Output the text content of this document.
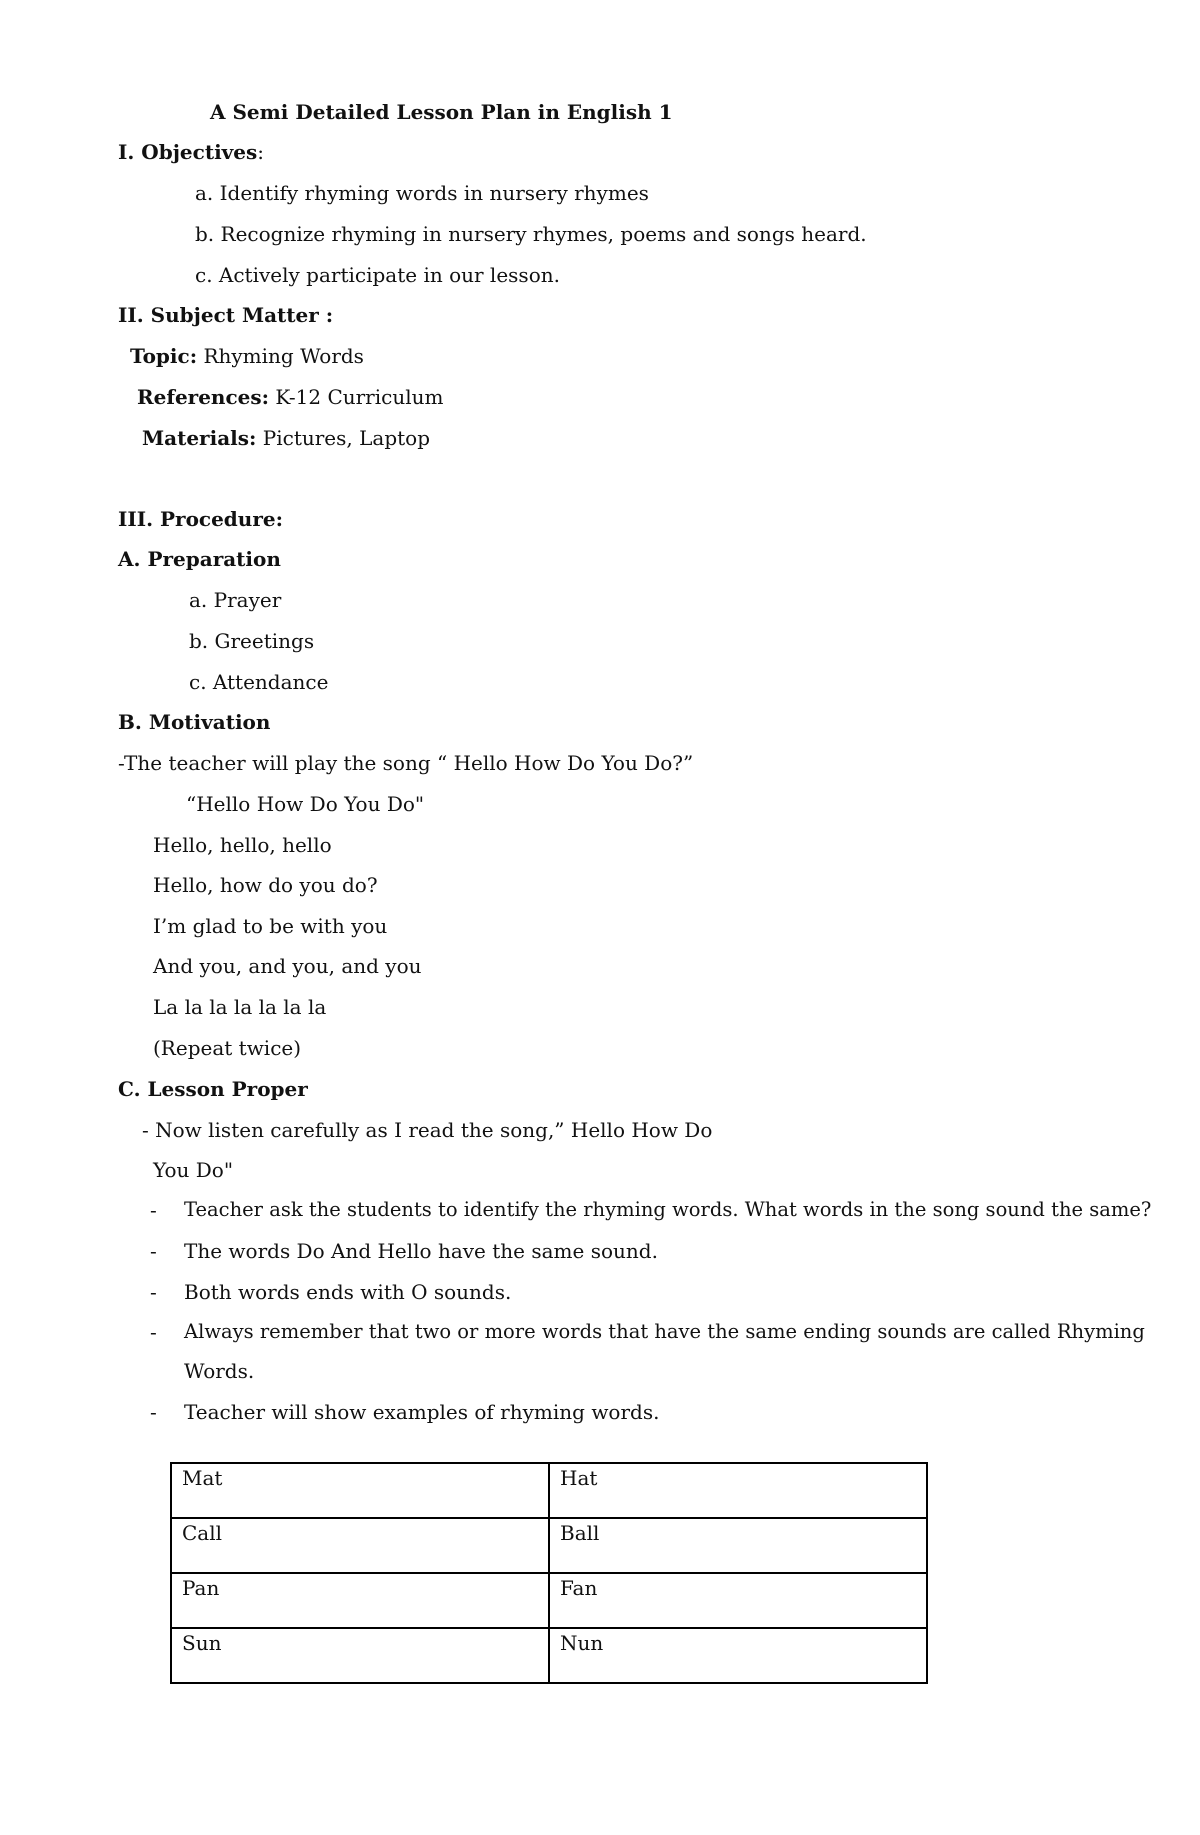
A Semi Detailed Lesson Plan in English 1
I. Objectives:
a. Identify rhyming words in nursery rhymes
b. Recognize rhyming in nursery rhymes, poems and songs heard.
c. Actively participate in our lesson.
II. Subject Matter :
Topic: Rhyming Words
References: K-12 Curriculum
Materials: Pictures, Laptop
III. Procedure:
A. Preparation
a. Prayer
b. Greetings
c. Attendance
B. Motivation
-The teacher will play the song “ Hello How Do You Do?”
“Hello How Do You Do"
Hello, hello, hello
Hello, how do you do?
I’m glad to be with you
And you, and you, and you
La la la la la la la
(Repeat twice)
C. Lesson Proper
- Now listen carefully as I read the song,” Hello How Do
You Do"
- Teacher ask the students to identify the rhyming words. What words in the song sound the same?
- The words Do And Hello have the same sound.
- Both words ends with O sounds.
- Always remember that two or more words that have the same ending sounds are called Rhyming
Words.
- Teacher will show examples of rhyming words.
Mat	Hat
Call	Ball
Pan	Fan
Sun	Nun
